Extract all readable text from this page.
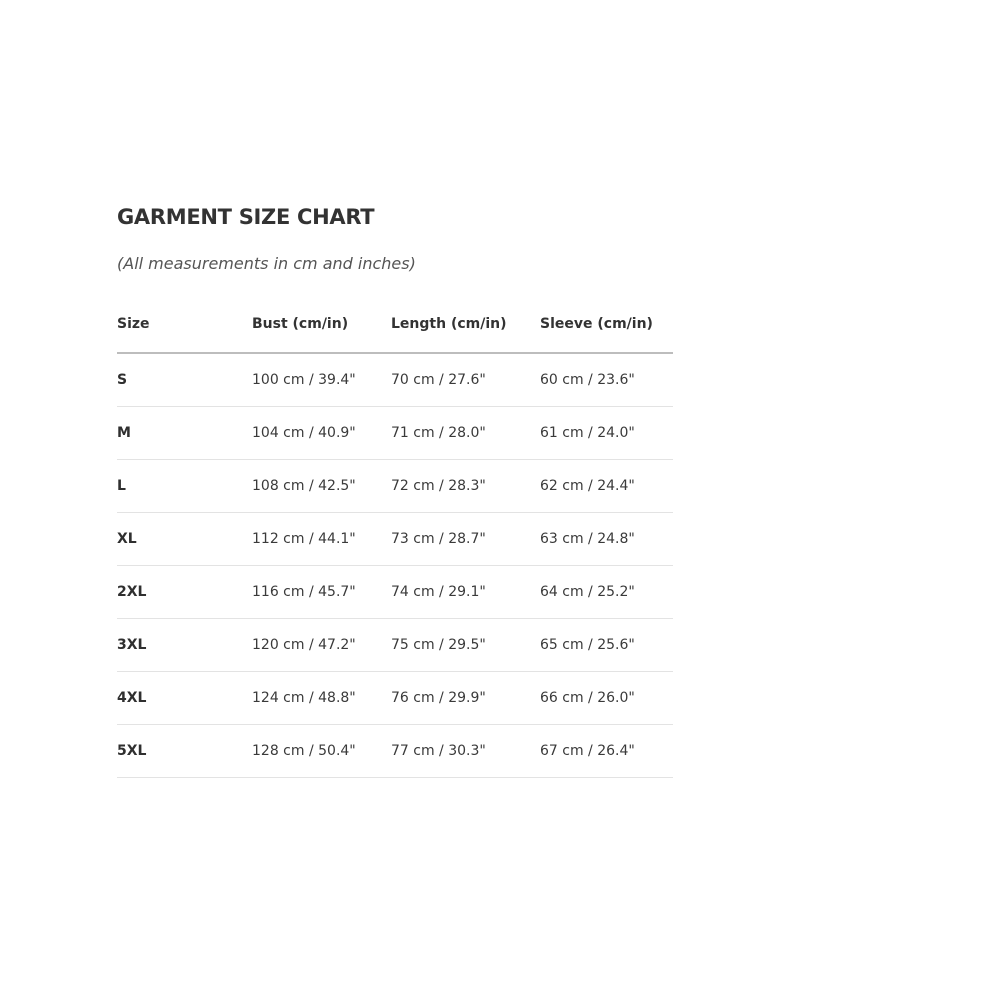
GARMENT SIZE CHART
(All measurements in cm and inches)
Size	Bust (cm/in)	Length (cm/in)	Sleeve (cm/in)
S	100 cm / 39.4"	70 cm / 27.6"	60 cm / 23.6"
M	104 cm / 40.9"	71 cm / 28.0"	61 cm / 24.0"
L	108 cm / 42.5"	72 cm / 28.3"	62 cm / 24.4"
XL	112 cm / 44.1"	73 cm / 28.7"	63 cm / 24.8"
2XL	116 cm / 45.7"	74 cm / 29.1"	64 cm / 25.2"
3XL	120 cm / 47.2"	75 cm / 29.5"	65 cm / 25.6"
4XL	124 cm / 48.8"	76 cm / 29.9"	66 cm / 26.0"
5XL	128 cm / 50.4"	77 cm / 30.3"	67 cm / 26.4"
